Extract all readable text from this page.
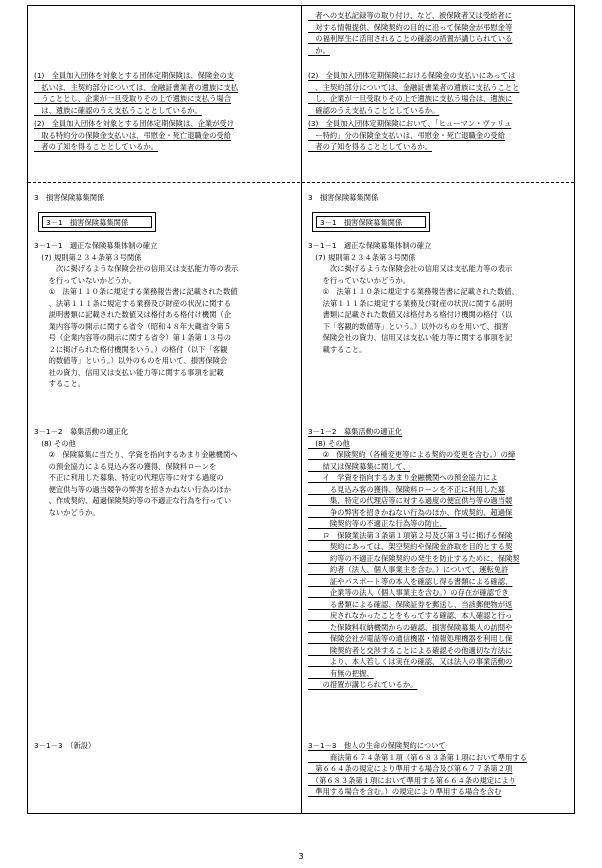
(1)　全員加入団体を対象とする団体定期保険は、保険金の支
　払いは、主契約部分については、金融証書業者の遺族に支払
　うこととし、企業が一旦受取りその上で遺族に支払う場合
　は、遺族に確認のうえ支払うこととしているか。
(2)　全員加入団体を対象とする団体定期保険は、企業が受け
　取る特約分の保険金支払いは、弔慰金・死亡退職金の受給
　者の了知を得ることとしているか。
3　損害保険募集関係
3－1　損害保険募集関係
3－1－1　適正な保険募集体制の確立
　(7) 規則第２３４条第３号関係
　　　次に掲げるような保険会社の信用又は支払能力等の表示
　　を行っていないかどうか。
　　①　法第１１０条に規定する業務報告書に記載された数値
　　、法第１１１条に規定する業務及び財産の状況に関する
　　説明書類に記載された数値又は格付ある格付け機関（企
　　業内容等の開示に関する省令（昭和４８年大蔵省令第５
　　号（企業内容等の開示に関する省令）第１条第１３号の
　　２に掲げられた格付機関をいう。）の格付（以下「客観
　　的数値等」という。）以外のものを用いて、損害保険会
　　社の資力、信用又は支払い能力等に関する事項を記載
　　すること。
3－1－2　募集活動の適正化
　(8) その他
　　②　保険募集に当たり、学資を指向するあまり金融機関へ
　　の預金協力による見込み客の獲得、保険料ローンを
　　不正に利用した募集、特定の代理店等に対する過度の
　　便宜供与等の過当競争の弊害を招きかねない行為のほか
　　、作成契約、超過保険契約等の不適正な行為を行ってい
　　ないかどうか。
3－1－3　（新設）
　者への支払記録等の取り付け、など、被保険者又は受給者に
　対する情報提供、保険契約の目的に沿って保険金が弔慰金等
　の福利厚生に活用されることの確認の措置が講じられている
　か。
(2)　全員加入団体定期保険における保険金の支払いにあっては
　、主契約部分については、金融証書業者の遺族に支払うことと
　し、企業が一旦受取りその上で遺族に支払う場合は、遺族に
　確認のうえ支払うこととしているか。
(3)　全員加入団体定期保険において、「ヒューマン・ヴァリュ
　ー特約」分の保険金支払いは、弔慰金・死亡退職金の受給
　者の了知を得ることとしているか。
3　損害保険募集関係
3－1　損害保険募集関係
3－1－1　適正な保険募集体制の確立
　(7) 規則第２３４条第３号関係
　　　次に掲げるような保険会社の信用又は支払能力等の表示
　　を行っていないかどうか。
　　①　法第１１０条に規定する業務報告書に記載された数値、
　　法第１１１条に規定する業務及び財産の状況に関する説明
　　書類に記載された数値又は格付ある格付け機関の格付（以
　　下「客観的数値等」という。）以外のものを用いて、損害
　　保険会社の資力、信用又は支払い能力等に関する事項を記
　　載すること。
3－1－2　募集活動の適正化
　(8) その他
　　②　保険契約（各種変更等による契約の変更を含む。）の締
　　結又は保険募集に関して、
　　イ　学資を指向するあまり金融機関への預金協力によ
　　　る見込み客の獲得、保険料ローンを不正に利用した募
　　　集、特定の代理店等に対する過度の便宜供与等の過当競
　　　争の弊害を招きかねない行為のほか、作成契約、超過保
　　　険契約等の不適正な行為等の防止、
　　ロ　保険業法第３条第１項第２号及び第３号に掲げる保険
　　　契約にあっては、架空契約や保険金詐取を目的とする契
　　　約等の不適正な保険契約の発生を防止するために、保険契
　　　約者（法人、個人事業主を含む。）について、運転免許
　　　証やパスポート等の本人を確認し得る書類による確認、
　　　企業等の法人（個人事業主を含む。）の存在が確認でき
　　　る書類による確認、保険証券を郵送し、当該郵便物が返
　　　戻されなかったことをもってする確認、本人確認と行っ
　　　た保険料収納機関からの確認、損害保険募集人の訪問や
　　　保険会社が電話等の通信機器・情報処理機器を利用し保
　　　険契約者と交渉することによる確認その他適切な方法に
　　　より、本人若しくは実在の確認、又は法人の事業活動の
　　　有無の把握、
　　の措置が講じられているか。
3－1－3　他人の生命の保険契約について
　　　商法第６７４条第１項（第６８３条第１項において準用する
　第６６４条の規定により準用する場合及び第６７７条第２項
　（第６８３条第１項において準用する第６６４条の規定により
　準用する場合を含む。）の規定により準用する場合を含む
3
